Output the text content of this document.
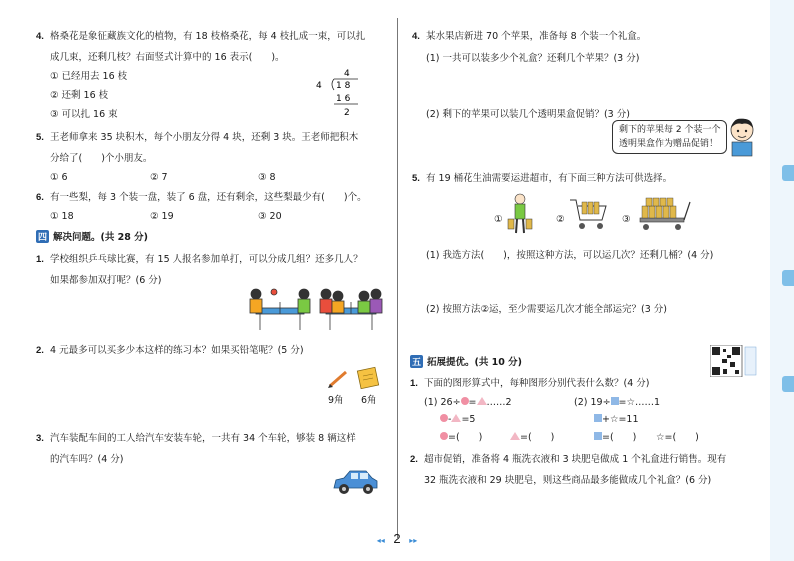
4. 格桑花是象征藏族文化的植物，有 18 枝格桑花，每 4 枝扎成一束，可以扎
成几束，还剩几枝？右面竖式计算中的 16 表示(　　)。
① 已经用去 16 枝
② 还剩 16 枝
③ 可以扎 16 束
4
4 1 8
1 6
2
5. 王老师拿来 35 块积木，每个小朋友分得 4 块，还剩 3 块。王老师把积木
分给了(　　)个小朋友。
① 6	② 7	③ 8
6. 有一些梨，每 3 个装一盘，装了 6 盘，还有剩余，这些梨最少有(　　)个。
① 18	② 19	③ 20
四 解决问题。(共 28 分)
1. 学校组织乒乓球比赛，有 15 人报名参加单打，可以分成几组？还多几人？
如果都参加双打呢？(6 分)
2. 4 元最多可以买多少本这样的练习本？如果买铅笔呢？(5 分)
9角 6角
3. 汽车装配车间的工人给汽车安装车轮，一共有 34 个车轮，够装 8 辆这样
的汽车吗？(4 分)
4. 某水果店新进 70 个苹果，准备每 8 个装一个礼盒。
(1) 一共可以装多少个礼盒？还剩几个苹果？(3 分)
(2) 剩下的苹果可以装几个透明果盒促销？(3 分)
剩下的苹果每 2 个装一个
透明果盒作为赠品促销！
5. 有 19 桶花生油需要运进超市，有下面三种方法可供选择。
①	②	③
(1) 我选方法(　　)，按照这种方法，可以运几次？还剩几桶？(4 分)
(2) 按照方法②运，至少需要运几次才能全部运完？(3 分)
五 拓展提优。(共 10 分)
1. 下面的图形算式中，每种图形分别代表什么数？(4 分)
(1) 26÷ = ……2
- =5
(2) 19÷ =☆……1
+☆=11
=(　　)	=(　　)	=(　　) ☆=(　　)
2. 超市促销，准备将 4 瓶洗衣液和 3 块肥皂做成 1 个礼盒进行销售。现有
32 瓶洗衣液和 29 块肥皂，则这些商品最多能做成几个礼盒？(6 分)
◂◂ 2 ▸▸
